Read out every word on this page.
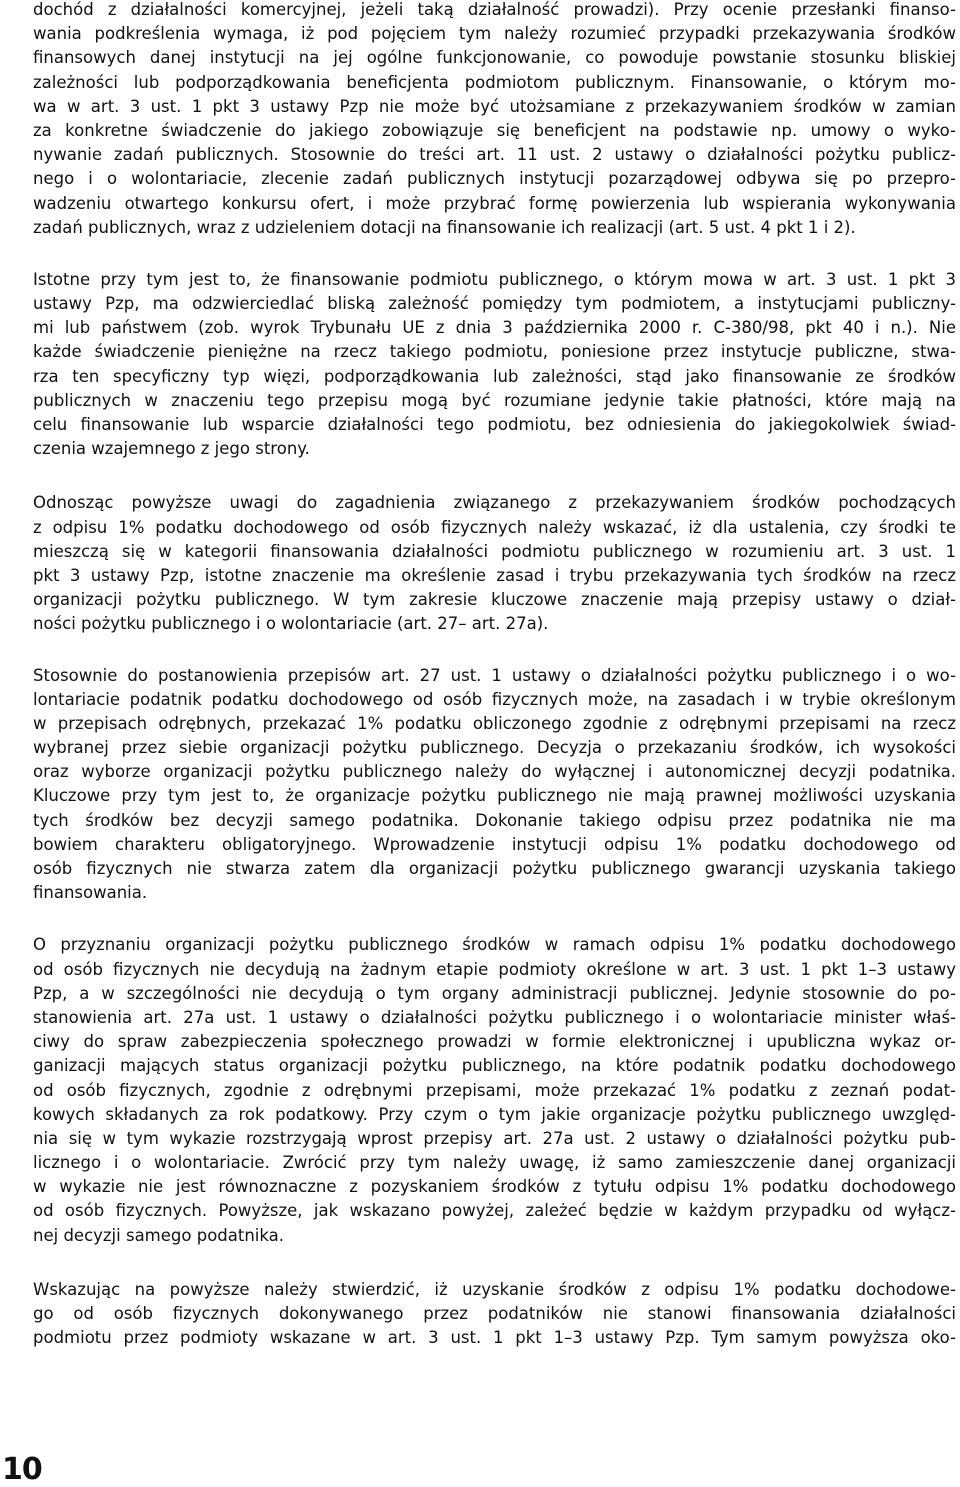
dochód z działalności komercyjnej, jeżeli taką działalność prowadzi). Przy ocenie przesłanki finanso-
wania podkreślenia wymaga, iż pod pojęciem tym należy rozumieć przypadki przekazywania środków
finansowych danej instytucji na jej ogólne funkcjonowanie, co powoduje powstanie stosunku bliskiej
zależności lub podporządkowania beneficjenta podmiotom publicznym. Finansowanie, o którym mo-
wa w art. 3 ust. 1 pkt 3 ustawy Pzp nie może być utożsamiane z przekazywaniem środków w zamian
za konkretne świadczenie do jakiego zobowiązuje się beneficjent na podstawie np. umowy o wyko-
nywanie zadań publicznych. Stosownie do treści art. 11 ust. 2 ustawy o działalności pożytku publicz-
nego i o wolontariacie, zlecenie zadań publicznych instytucji pozarządowej odbywa się po przepro-
wadzeniu otwartego konkursu ofert, i może przybrać formę powierzenia lub wspierania wykonywania
zadań publicznych, wraz z udzieleniem dotacji na finansowanie ich realizacji (art. 5 ust. 4 pkt 1 i 2).
Istotne przy tym jest to, że finansowanie podmiotu publicznego, o którym mowa w art. 3 ust. 1 pkt 3
ustawy Pzp, ma odzwierciedlać bliską zależność pomiędzy tym podmiotem, a instytucjami publiczny-
mi lub państwem (zob. wyrok Trybunału UE z dnia 3 października 2000 r. C-380/98, pkt 40 i n.). Nie
każde świadczenie pieniężne na rzecz takiego podmiotu, poniesione przez instytucje publiczne, stwa-
rza ten specyficzny typ więzi, podporządkowania lub zależności, stąd jako finansowanie ze środków
publicznych w znaczeniu tego przepisu mogą być rozumiane jedynie takie płatności, które mają na
celu finansowanie lub wsparcie działalności tego podmiotu, bez odniesienia do jakiegokolwiek świad-
czenia wzajemnego z jego strony.
Odnosząc powyższe uwagi do zagadnienia związanego z przekazywaniem środków pochodzących
z odpisu 1% podatku dochodowego od osób fizycznych należy wskazać, iż dla ustalenia, czy środki te
mieszczą się w kategorii finansowania działalności podmiotu publicznego w rozumieniu art. 3 ust. 1
pkt 3 ustawy Pzp, istotne znaczenie ma określenie zasad i trybu przekazywania tych środków na rzecz
organizacji pożytku publicznego. W tym zakresie kluczowe znaczenie mają przepisy ustawy o dział-
ności pożytku publicznego i o wolontariacie (art. 27– art. 27a).
Stosownie do postanowienia przepisów art. 27 ust. 1 ustawy o działalności pożytku publicznego i o wo-
lontariacie podatnik podatku dochodowego od osób fizycznych może, na zasadach i w trybie określonym
w przepisach odrębnych, przekazać 1% podatku obliczonego zgodnie z odrębnymi przepisami na rzecz
wybranej przez siebie organizacji pożytku publicznego. Decyzja o przekazaniu środków, ich wysokości
oraz wyborze organizacji pożytku publicznego należy do wyłącznej i autonomicznej decyzji podatnika.
Kluczowe przy tym jest to, że organizacje pożytku publicznego nie mają prawnej możliwości uzyskania
tych środków bez decyzji samego podatnika. Dokonanie takiego odpisu przez podatnika nie ma
bowiem charakteru obligatoryjnego. Wprowadzenie instytucji odpisu 1% podatku dochodowego od
osób fizycznych nie stwarza zatem dla organizacji pożytku publicznego gwarancji uzyskania takiego
finansowania.
O przyznaniu organizacji pożytku publicznego środków w ramach odpisu 1% podatku dochodowego
od osób fizycznych nie decydują na żadnym etapie podmioty określone w art. 3 ust. 1 pkt 1–3 ustawy
Pzp, a w szczególności nie decydują o tym organy administracji publicznej. Jedynie stosownie do po-
stanowienia art. 27a ust. 1 ustawy o działalności pożytku publicznego i o wolontariacie minister właś-
ciwy do spraw zabezpieczenia społecznego prowadzi w formie elektronicznej i upubliczna wykaz or-
ganizacji mających status organizacji pożytku publicznego, na które podatnik podatku dochodowego
od osób fizycznych, zgodnie z odrębnymi przepisami, może przekazać 1% podatku z zeznań podat-
kowych składanych za rok podatkowy. Przy czym o tym jakie organizacje pożytku publicznego uwzględ-
nia się w tym wykazie rozstrzygają wprost przepisy art. 27a ust. 2 ustawy o działalności pożytku pub-
licznego i o wolontariacie. Zwrócić przy tym należy uwagę, iż samo zamieszczenie danej organizacji
w wykazie nie jest równoznaczne z pozyskaniem środków z tytułu odpisu 1% podatku dochodowego
od osób fizycznych. Powyższe, jak wskazano powyżej, zależeć będzie w każdym przypadku od wyłącz-
nej decyzji samego podatnika.
Wskazując na powyższe należy stwierdzić, iż uzyskanie środków z odpisu 1% podatku dochodowe-
go od osób fizycznych dokonywanego przez podatników nie stanowi finansowania działalności
podmiotu przez podmioty wskazane w art. 3 ust. 1 pkt 1–3 ustawy Pzp. Tym samym powyższa oko-
10
